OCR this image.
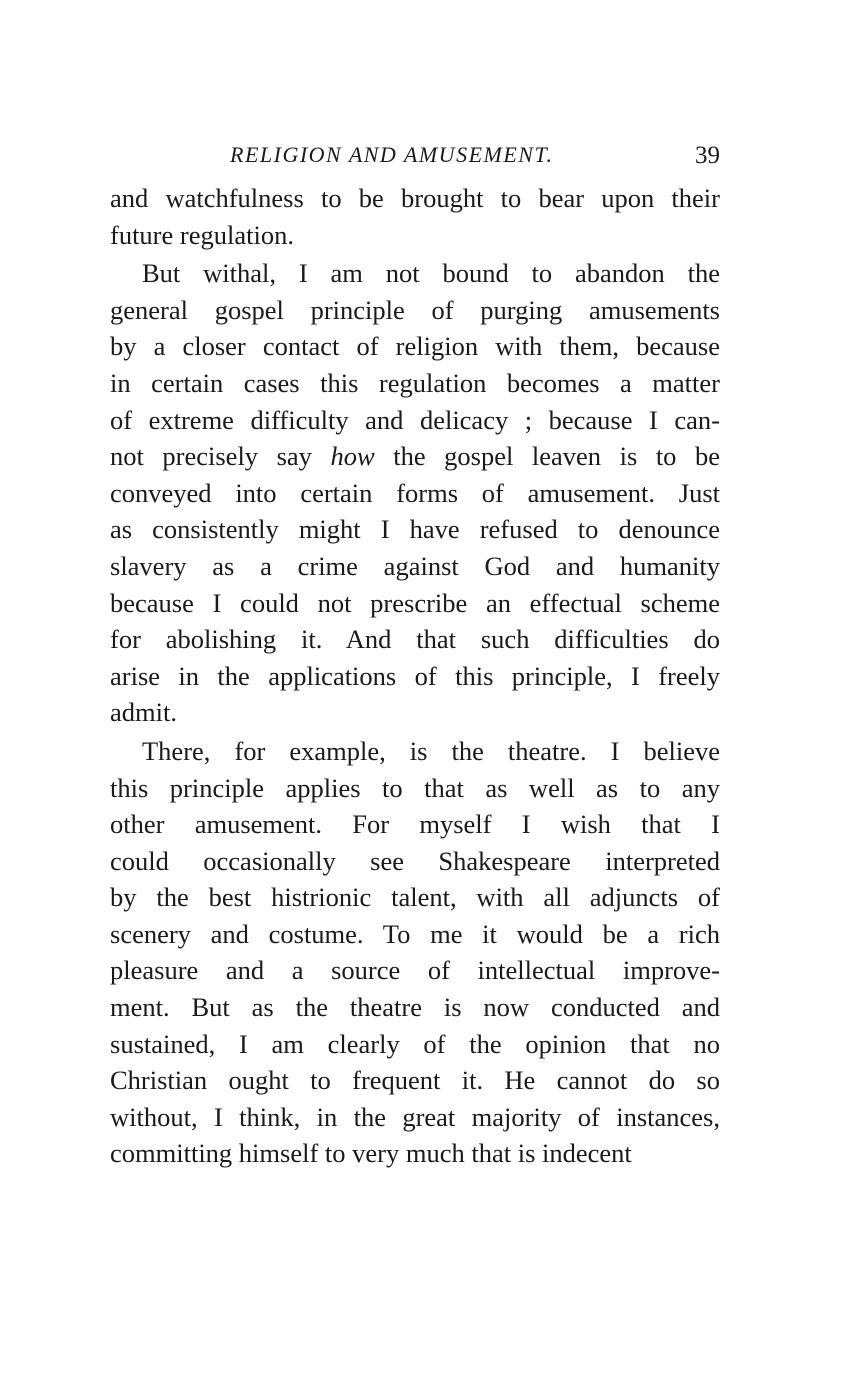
RELIGION AND AMUSEMENT.	39
and watchfulness to be brought to bear upon their
future regulation.
But withal, I am not bound to abandon the
general gospel principle of purging amusements
by a closer contact of religion with them, because
in certain cases this regulation becomes a matter
of extreme difficulty and delicacy ; because I can-
not precisely say how the gospel leaven is to be
conveyed into certain forms of amusement. Just
as consistently might I have refused to denounce
slavery as a crime against God and humanity
because I could not prescribe an effectual scheme
for abolishing it. And that such difficulties do
arise in the applications of this principle, I freely
admit.
There, for example, is the theatre. I believe
this principle applies to that as well as to any
other amusement. For myself I wish that I
could occasionally see Shakespeare interpreted
by the best histrionic talent, with all adjuncts of
scenery and costume. To me it would be a rich
pleasure and a source of intellectual improve-
ment. But as the theatre is now conducted and
sustained, I am clearly of the opinion that no
Christian ought to frequent it. He cannot do so
without, I think, in the great majority of instances,
committing himself to very much that is indecent
